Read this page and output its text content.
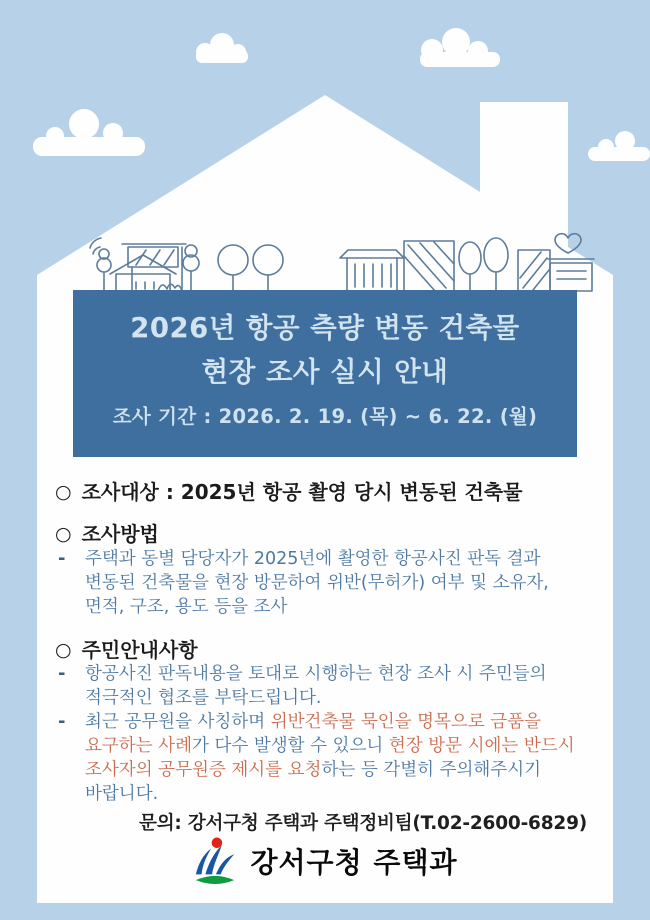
2026년 항공 측량 변동 건축물
현장 조사 실시 안내
조사 기간 : 2026. 2. 19. (목) ~ 6. 22. (월)
○ 조사대상 : 2025년 항공 촬영 당시 변동된 건축물
○ 조사방법
-	주택과 동별 담당자가 2025년에 촬영한 항공사진 판독 결과 변동된 건축물을 현장 방문하여 위반(무허가) 여부 및 소유자, 면적, 구조, 용도 등을 조사

○ 주민안내사항
-	항공사진 판독내용을 토대로 시행하는 현장 조사 시 주민들의 적극적인 협조를 부탁드립니다.

-	최근 공무원을 사칭하며 위반건축물 묵인을 명목으로 금품을 요구하는 사례가 다수 발생할 수 있으니 현장 방문 시에는 반드시 조사자의 공무원증 제시를 요청하는 등 각별히 주의해주시기 바랍니다.

문의: 강서구청 주택과 주택정비팀(T.02-2600-6829)
강서구청 주택과
